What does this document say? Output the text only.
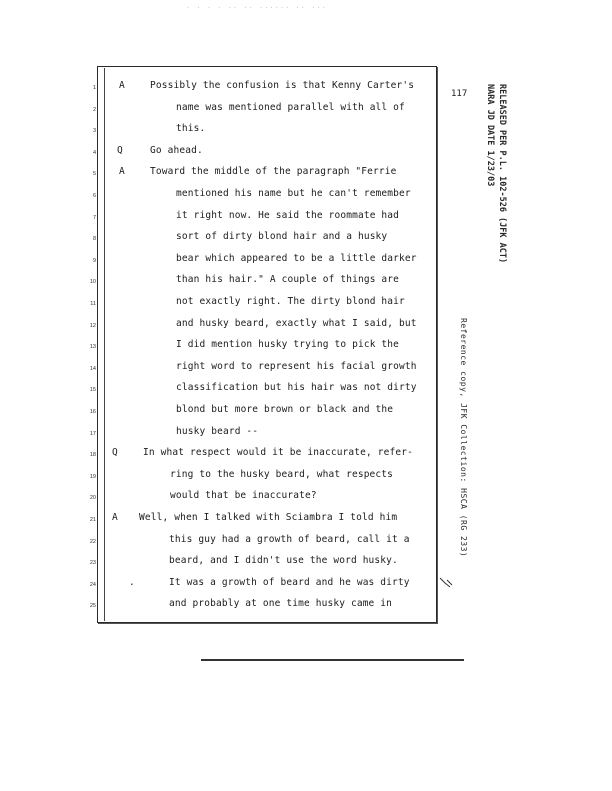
· · · · ·· ·· ······ ·· ···
117	RELEASED PER P.L. 102-526 (JFK ACT)
NARA JD DATE 1/23/03
Reference copy, JFK Collection: HSCA (RG 233)
1 A	Possibly the confusion is that Kenny Carter's
2	name was mentioned parallel with all of
3	this.
4 Q	Go ahead.
5 A	Toward the middle of the paragraph "Ferrie
6	mentioned his name but he can't remember
7	it right now. He said the roommate had
8	sort of dirty blond hair and a husky
9	bear which appeared to be a little darker
10	than his hair." A couple of things are
11	not exactly right. The dirty blond hair
12	and husky beard, exactly what I said, but
13	I did mention husky trying to pick the
14	right word to represent his facial growth
15	classification but his hair was not dirty
16	blond but more brown or black and the
17	husky beard --
18 Q	In what respect would it be inaccurate, refer-
19	ring to the husky beard, what respects
20	would that be inaccurate?
21 A Well, when I talked with Sciambra I told him
22	this guy had a growth of beard, call it a
23	beard, and I didn't use the word husky.
24	.	It was a growth of beard and he was dirty
25	and probably at one time husky came in
